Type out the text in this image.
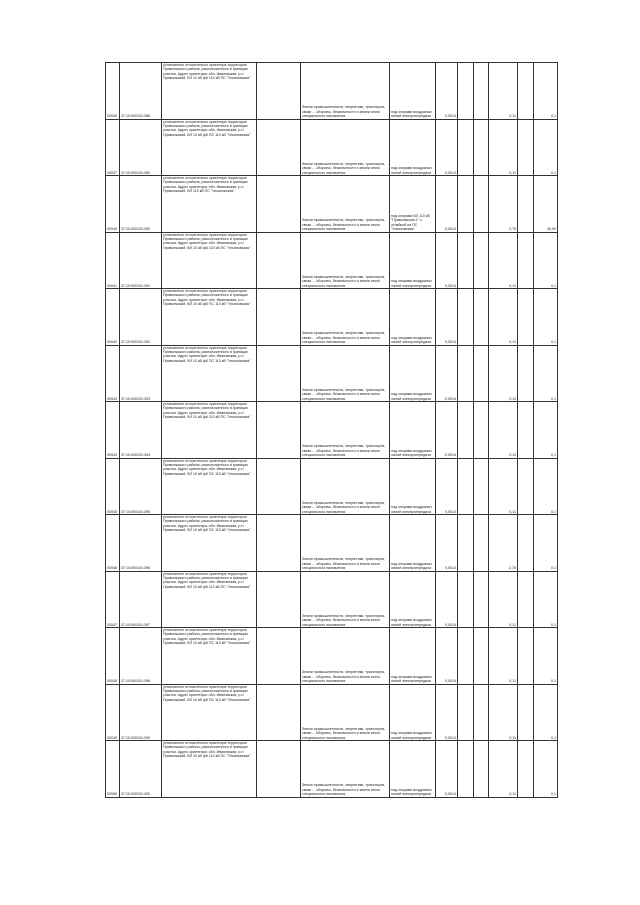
00036	37:10:000101:388	установлено относительно ориентира территория Приволжского района, расположенного в границах участка. Адрес ориентира: обл. Ивановская, р-н Приволжский, ВЛ 10 кВ ф6 110 кВ ПС "Ульяновская"		Земли промышленности, энергетики, транспорта, связи ... обороны, безопасности и земли иного специального назначения	под опорами воздушных линий электропередачи	0,0014			0,11		0,1
00037	37:10:000101:389	установлено относительно ориентира территория Приволжского района, расположенного в границах участка. Адрес ориентира: обл. Ивановская, р-н Приволжский, ВЛ 10 кВ ф5 ПС 110 кВ "Ульяновская"		Земли промышленности, энергетики, транспорта, связи ... обороны, безопасности и земли иного специального назначения	под опорами воздушных линий электропередачи	0,0014			0,11		0,1
00040	37:10:000101:390	установлено относительно ориентира территория Приволжского района, расположенного в границах участка. Адрес ориентира: обл. Ивановская, р-н Приволжский, ВЛ 110 кВ ПС "Ульяновская"		Земли промышленности, энергетики, транспорта, связи ... обороны, безопасности и земли иного специального назначения	под опорами ВЛ 110 кВ "Приволжская-1" с отпайкой на ПС "Ульяновская"	0,0014			2,75		45,00
00041	37:10:000101:391	установлено относительно ориентира территория Приволжского района, расположенного в границах участка. Адрес ориентира: обл. Ивановская, р-н Приволжский, ВЛ 10 кВ ф6 110 кВ ПС "Ульяновская"		Земли промышленности, энергетики, транспорта, связи ... обороны, безопасности и земли иного специального назначения	под опорами воздушных линий электропередачи	0,0014			0,11		0,1
00042	37:10:000101:392	установлено относительно ориентира территория Приволжского района, расположенного в границах участка. Адрес ориентира: обл. Ивановская, р-н Приволжский, ВЛ 10 кВ ф5 ПС 110 кВ "Ульяновская"		Земли промышленности, энергетики, транспорта, связи ... обороны, безопасности и земли иного специального назначения	под опорами воздушных линий электропередачи	0,0014			0,11		0,1
00043	37:10:000101:393	установлено относительно ориентира территория Приволжского района, расположенного в границах участка. Адрес ориентира: обл. Ивановская, р-н Приволжский, ВЛ 10 кВ ф5 ПС 110 кВ "Ульяновская"		Земли промышленности, энергетики, транспорта, связи ... обороны, безопасности и земли иного специального назначения	под опорами воздушных линий электропередачи	0,0014			0,11		0,1
00044	37:10:000101:394	установлено относительно ориентира территория Приволжского района, расположенного в границах участка. Адрес ориентира: обл. Ивановская, р-н Приволжский, ВЛ 10 кВ ф6 110 кВ ПС "Ульяновская"		Земли промышленности, энергетики, транспорта, связи ... обороны, безопасности и земли иного специального назначения	под опорами воздушных линий электропередачи	0,0014			0,11		0,1
00045	37:10:000101:395	установлено относительно ориентира территория Приволжского района, расположенного в границах участка. Адрес ориентира: обл. Ивановская, р-н Приволжский, ВЛ 10 кВ ф5 ПС 110 кВ "Ульяновская"		Земли промышленности, энергетики, транспорта, связи ... обороны, безопасности и земли иного специального назначения	под опорами воздушных линий электропередачи	0,0014			0,11		0,1
00046	37:10:000101:396	установлено относительно ориентира территория Приволжского района, расположенного в границах участка. Адрес ориентира: обл. Ивановская, р-н Приволжский, ВЛ 10 кВ ф5 ПС 110 кВ "Ульяновская"		Земли промышленности, энергетики, транспорта, связи ... обороны, безопасности и земли иного специального назначения	под опорами воздушных линий электропередачи	0,0014			2,75		0,1
00047	37:10:000101:397	установлено относительно ориентира территория Приволжского района, расположенного в границах участка. Адрес ориентира: обл. Ивановская, р-н Приволжский, ВЛ 10 кВ ф6 110 кВ ПС "Ульяновская"		Земли промышленности, энергетики, транспорта, связи ... обороны, безопасности и земли иного специального назначения	под опорами воздушных линий электропередачи	0,0014			0,11		0,1
00048	37:10:000101:398	установлено относительно ориентира территория Приволжского района, расположенного в границах участка. Адрес ориентира: обл. Ивановская, р-н Приволжский, ВЛ 10 кВ ф5 ПС 110 кВ "Ульяновская"		Земли промышленности, энергетики, транспорта, связи ... обороны, безопасности и земли иного специального назначения	под опорами воздушных линий электропередачи	0,0014			0,11		0,1
00049	37:10:000101:399	установлено относительно ориентира территория Приволжского района, расположенного в границах участка. Адрес ориентира: обл. Ивановская, р-н Приволжский, ВЛ 10 кВ ф5 ПС 110 кВ "Ульяновская"		Земли промышленности, энергетики, транспорта, связи ... обороны, безопасности и земли иного специального назначения	под опорами воздушных линий электропередачи	0,0014			0,11		0,1
00050	37:10:000101:400	установлено относительно ориентира территория Приволжского района, расположенного в границах участка. Адрес ориентира: обл. Ивановская, р-н Приволжский, ВЛ 10 кВ ф6 110 кВ ПС "Ульяновская"		Земли промышленности, энергетики, транспорта, связи ... обороны, безопасности и земли иного специального назначения	под опорами воздушных линий электропередачи	0,0014			0,11		0,1
